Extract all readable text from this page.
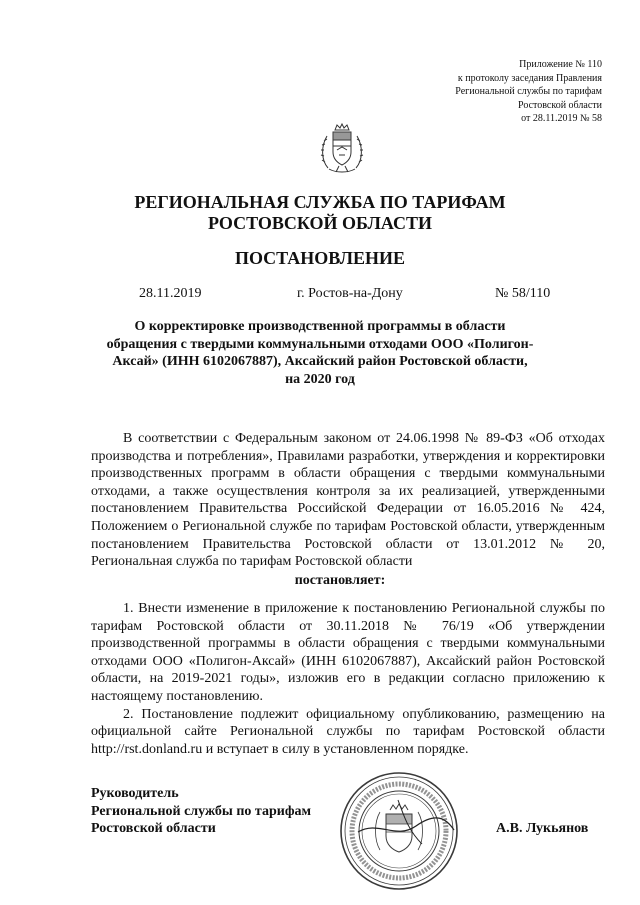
Приложение № 110
к протоколу заседания Правления
Региональной службы по тарифам
Ростовской области
от 28.11.2019 № 58
РЕГИОНАЛЬНАЯ СЛУЖБА ПО ТАРИФАМ
РОСТОВСКОЙ ОБЛАСТИ
ПОСТАНОВЛЕНИЕ
28.11.2019	г. Ростов-на-Дону	№ 58/110
О корректировке производственной программы в области
обращения с твердыми коммунальными отходами ООО «Полигон-
Аксай» (ИНН 6102067887), Аксайский район Ростовской области,
на 2020 год

В соответствии с Федеральным законом от 24.06.1998 № 89-ФЗ «Об отходах производства и потребления», Правилами разработки, утверждения и корректировки производственных программ в области обращения с твердыми коммунальными отходами, а также осуществления контроля за их реализацией, утвержденными постановлением Правительства Российской Федерации от 16.05.2016 № 424, Положением о Региональной службе по тарифам Ростовской области, утвержденным постановлением Правительства Ростовской области от 13.01.2012 № 20, Региональная служба по тарифам Ростовской области

постановляет:

1. Внести изменение в приложение к постановлению Региональной службы по тарифам Ростовской области от 30.11.2018 № 76/19 «Об утверждении производственной программы в области обращения с твердыми коммунальными отходами ООО «Полигон-Аксай» (ИНН 6102067887), Аксайский район Ростовской области, на 2019-2021 годы», изложив его в редакции согласно приложению к настоящему постановлению.

2. Постановление подлежит официальному опубликованию, размещению на официальной сайте Региональной службы по тарифам Ростовской области http://rst.donland.ru и вступает в силу в установленном порядке.

Руководитель
Региональной службы по тарифам
Ростовской области	А.В. Лукьянов
